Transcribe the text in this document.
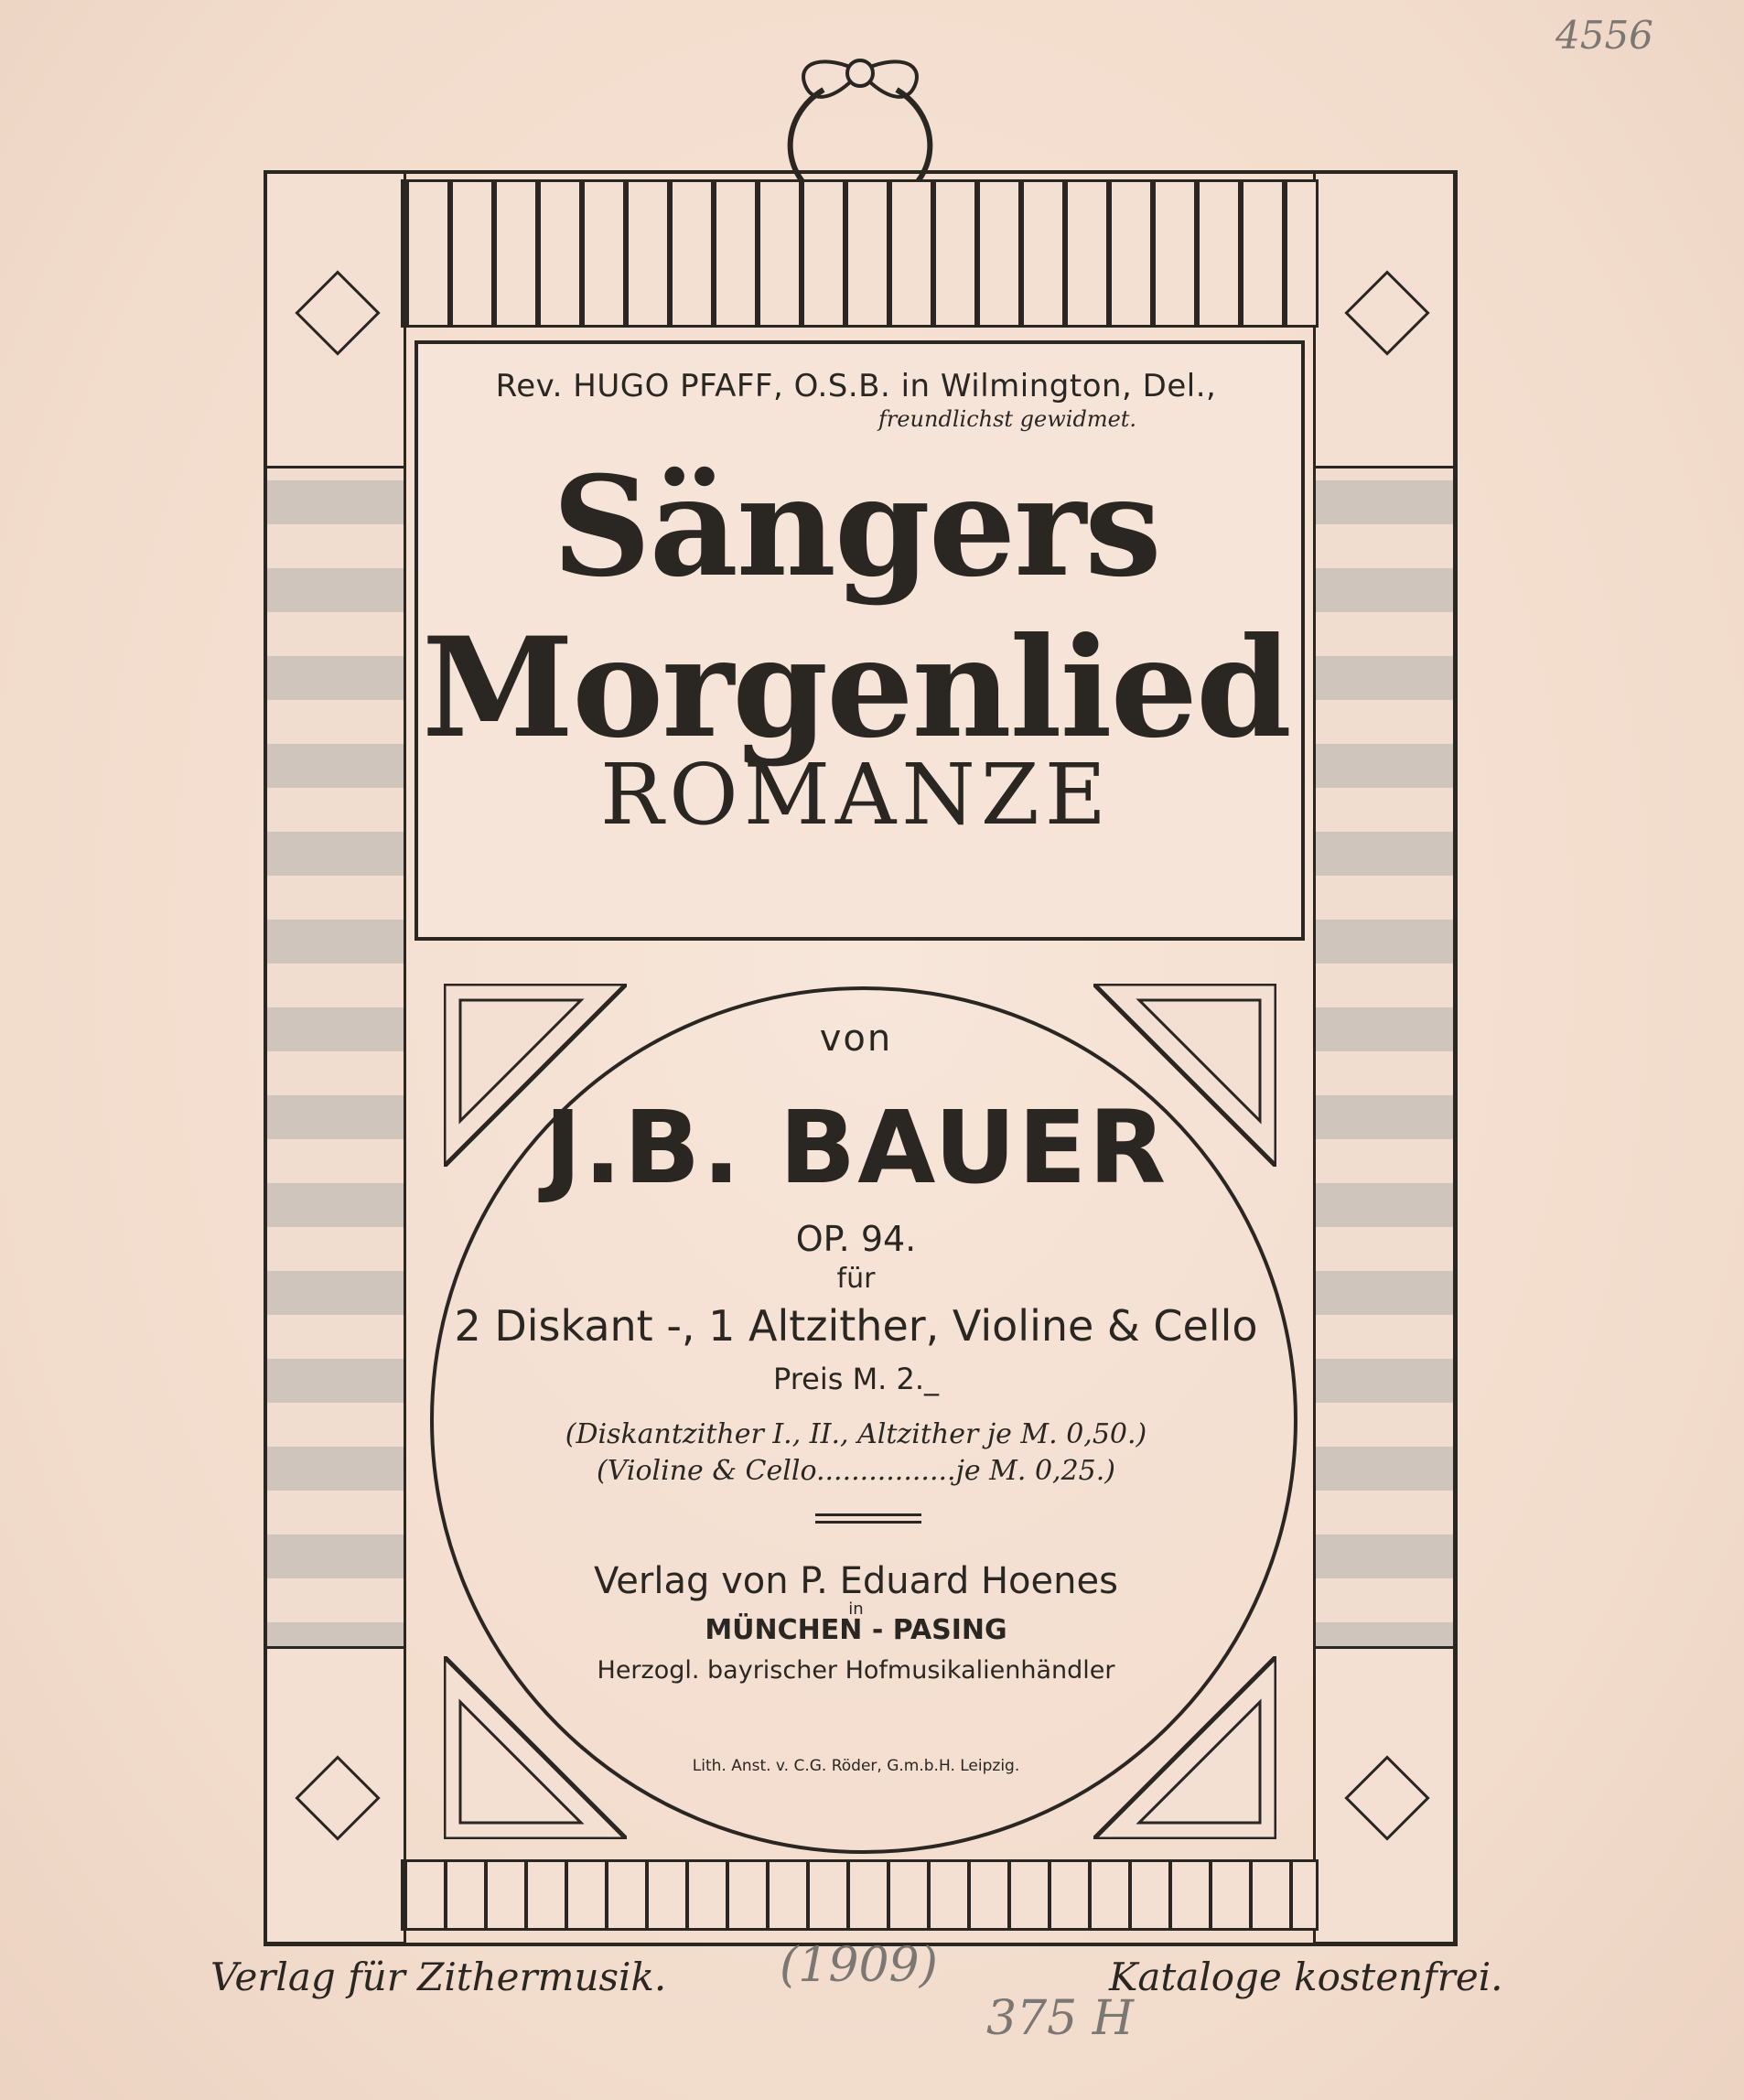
4556
Rev. HUGO PFAFF, O.S.B. in Wilmington, Del.,
freundlichst gewidmet.
Sängers Morgenlied
ROMANZE
von
J.B. BAUER
OP. 94.
für
2 Diskant -, 1 Altzither, Violine & Cello
Preis M. 2._
(Diskantzither I., II., Altzither je M. 0,50.)
(Violine & Cello................je M. 0,25.)
Verlag von P. Eduard Hoenes
in
MÜNCHEN - PASING
Herzogl. bayrischer Hofmusikalienhändler
Lith. Anst. v. C.G. Röder, G.m.b.H. Leipzig.
Verlag für Zithermusik.	Kataloge kostenfrei.
(1909)
375 H
